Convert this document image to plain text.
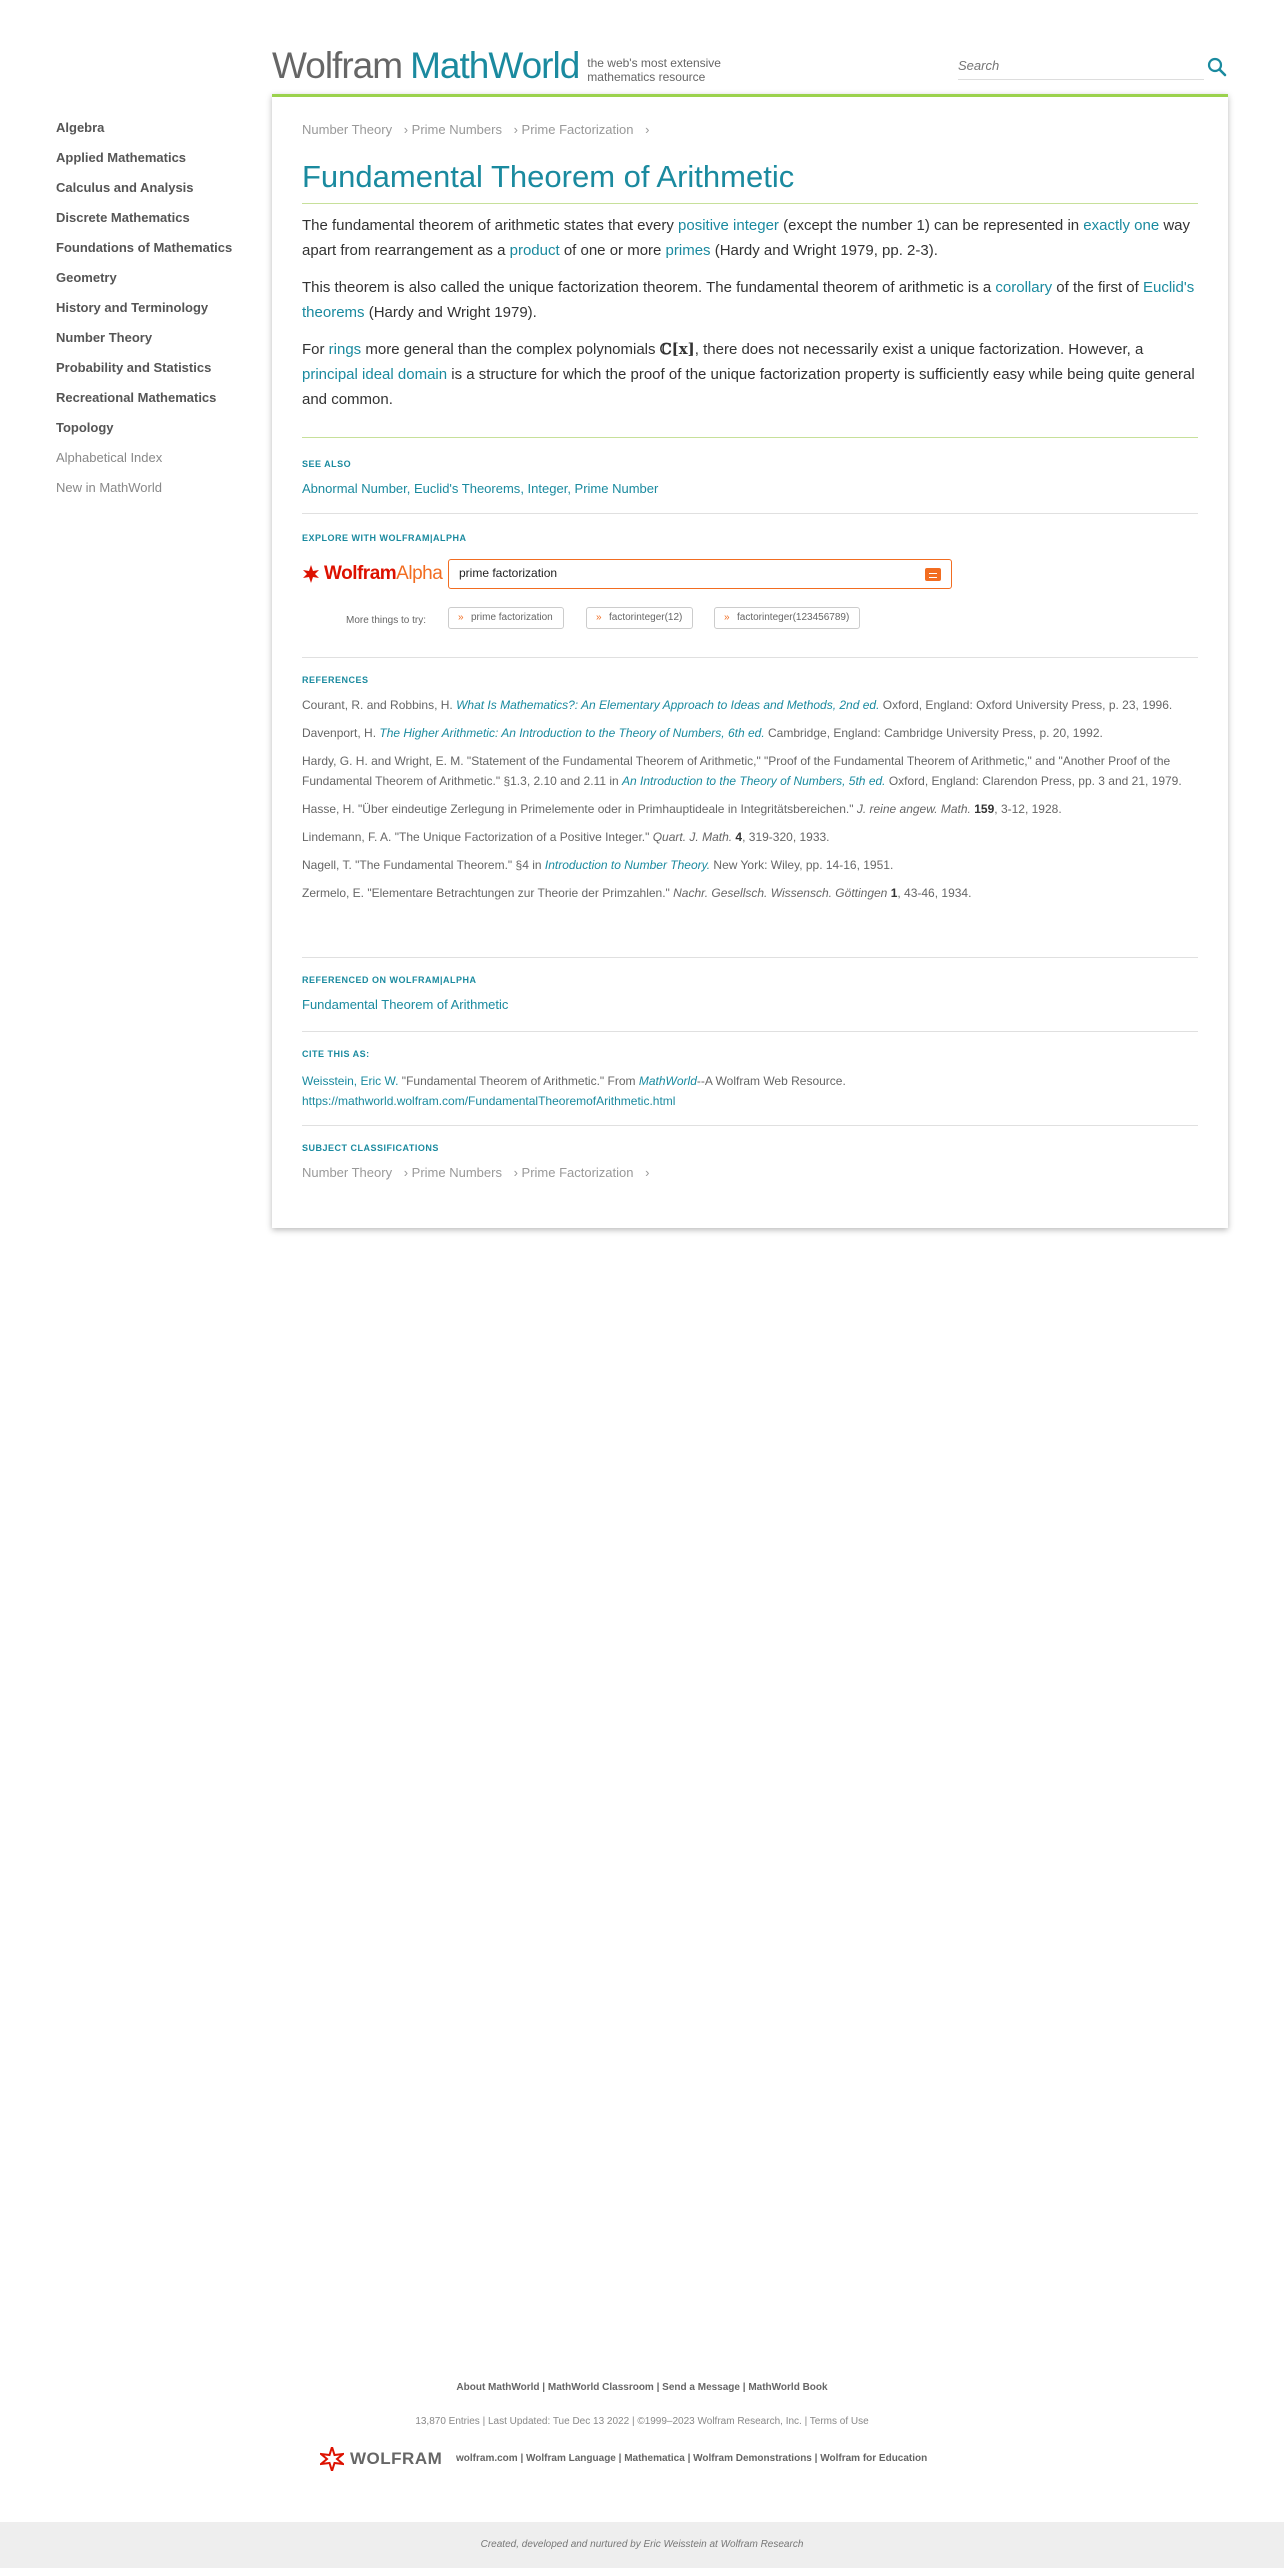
Wolfram MathWorld the web's most extensive
mathematics resource
Search
Algebra
Applied Mathematics
Calculus and Analysis
Discrete Mathematics
Foundations of Mathematics
Geometry
History and Terminology
Number Theory
Probability and Statistics
Recreational Mathematics
Topology
Alphabetical Index
New in MathWorld
Number Theory › Prime Numbers › Prime Factorization ›
Fundamental Theorem of Arithmetic

The fundamental theorem of arithmetic states that every positive integer (except the number 1) can be represented in exactly one way apart from rearrangement as a product of one or more primes (Hardy and Wright 1979, pp. 2-3).

This theorem is also called the unique factorization theorem. The fundamental theorem of arithmetic is a corollary of the first of Euclid's theorems (Hardy and Wright 1979).

For rings more general than the complex polynomials ℂ[x], there does not necessarily exist a unique factorization. However, a principal ideal domain is a structure for which the proof of the unique factorization property is sufficiently easy while being quite general and common.

SEE ALSO
Abnormal Number, Euclid's Theorems, Integer, Prime Number
EXPLORE WITH WOLFRAM|ALPHA
Wolfram Alpha
prime factorization
More things to try:	» prime factorization	» factorinteger(12)	» factorinteger(123456789)
REFERENCES

Courant, R. and Robbins, H. What Is Mathematics?: An Elementary Approach to Ideas and Methods, 2nd ed. Oxford, England: Oxford University Press, p. 23, 1996.

Davenport, H. The Higher Arithmetic: An Introduction to the Theory of Numbers, 6th ed. Cambridge, England: Cambridge University Press, p. 20, 1992.

Hardy, G. H. and Wright, E. M. "Statement of the Fundamental Theorem of Arithmetic," "Proof of the Fundamental Theorem of Arithmetic," and "Another Proof of the Fundamental Theorem of Arithmetic." §1.3, 2.10 and 2.11 in An Introduction to the Theory of Numbers, 5th ed. Oxford, England: Clarendon Press, pp. 3 and 21, 1979.

Hasse, H. "Über eindeutige Zerlegung in Primelemente oder in Primhauptideale in Integritätsbereichen." J. reine angew. Math. 159, 3-12, 1928.

Lindemann, F. A. "The Unique Factorization of a Positive Integer." Quart. J. Math. 4, 319-320, 1933.

Nagell, T. "The Fundamental Theorem." §4 in Introduction to Number Theory. New York: Wiley, pp. 14-16, 1951.

Zermelo, E. "Elementare Betrachtungen zur Theorie der Primzahlen." Nachr. Gesellsch. Wissensch. Göttingen 1, 43-46, 1934.

REFERENCED ON WOLFRAM|ALPHA
Fundamental Theorem of Arithmetic
CITE THIS AS:
Weisstein, Eric W. "Fundamental Theorem of Arithmetic." From MathWorld--A Wolfram Web Resource.
https://mathworld.wolfram.com/FundamentalTheoremofArithmetic.html
SUBJECT CLASSIFICATIONS
Number Theory › Prime Numbers › Prime Factorization ›
About MathWorld | MathWorld Classroom | Send a Message | MathWorld Book
13,870 Entries | Last Updated: Tue Dec 13 2022 | ©1999–2023 Wolfram Research, Inc. | Terms of Use
WOLFRAM wolfram.com | Wolfram Language | Mathematica | Wolfram Demonstrations | Wolfram for Education
Created, developed and nurtured by Eric Weisstein at Wolfram Research
